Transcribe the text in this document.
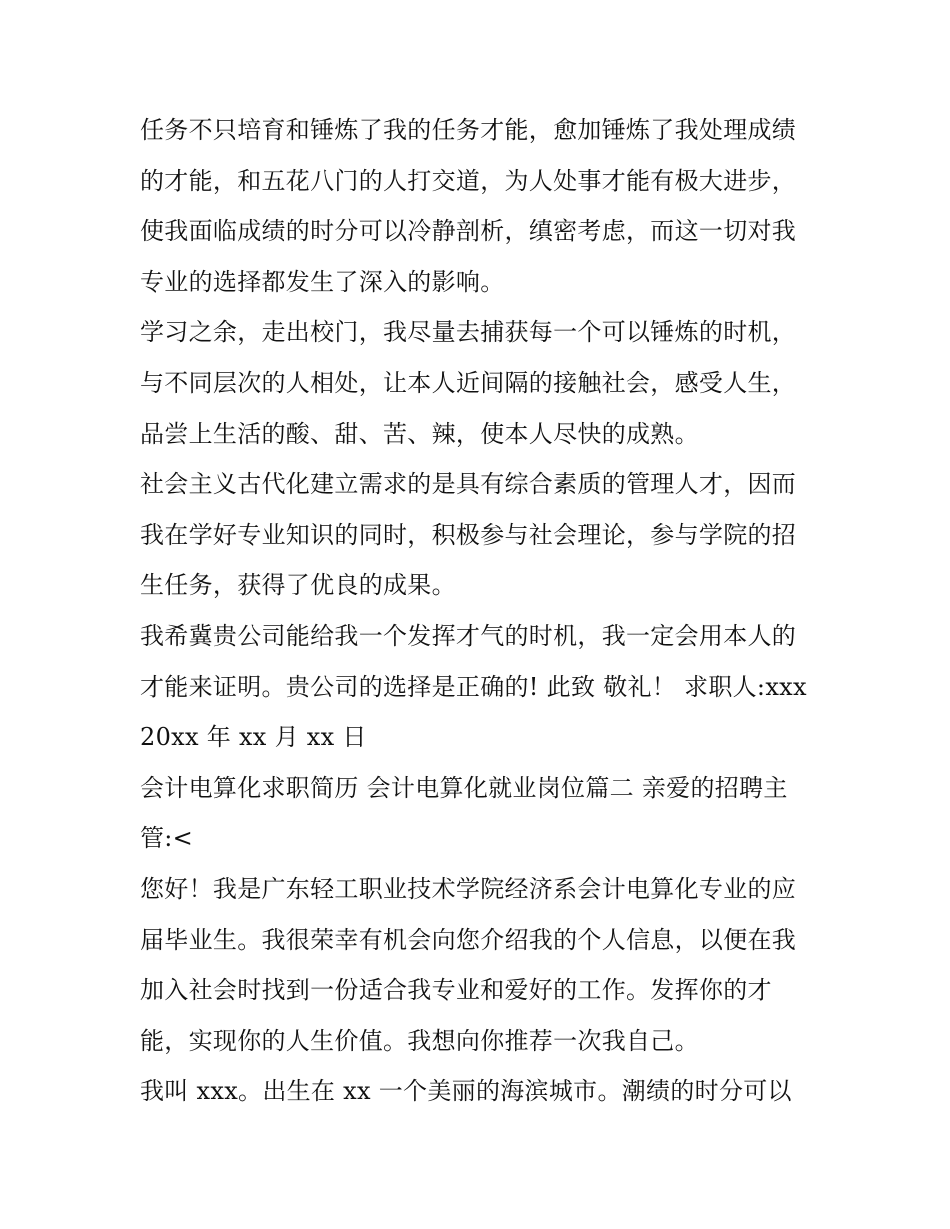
任务不只培育和锤炼了我的任务才能，愈加锤炼了我处理成绩

的才能，和五花八门的人打交道，为人处事才能有极大进步，

使我面临成绩的时分可以冷静剖析，缜密考虑，而这一切对我

专业的选择都发生了深入的影响。

学习之余，走出校门，我尽量去捕获每一个可以锤炼的时机，

与不同层次的人相处，让本人近间隔的接触社会，感受人生，

品尝上生活的酸、甜、苦、辣，使本人尽快的成熟。

社会主义古代化建立需求的是具有综合素质的管理人才，因而

我在学好专业知识的同时，积极参与社会理论，参与学院的招

生任务，获得了优良的成果。

我希冀贵公司能给我一个发挥才气的时机，我一定会用本人的

才能来证明。贵公司的选择是正确的! 此致 敬礼！ 求职人:xxx

20xx 年 xx 月 xx 日

会计电算化求职简历 会计电算化就业岗位篇二 亲爱的招聘主

管:<

您好！我是广东轻工职业技术学院经济系会计电算化专业的应

届毕业生。我很荣幸有机会向您介绍我的个人信息，以便在我

加入社会时找到一份适合我专业和爱好的工作。发挥你的才

能，实现你的人生价值。我想向你推荐一次我自己。

我叫 xxx。出生在 xx 一个美丽的海滨城市。潮绩的时分可以
